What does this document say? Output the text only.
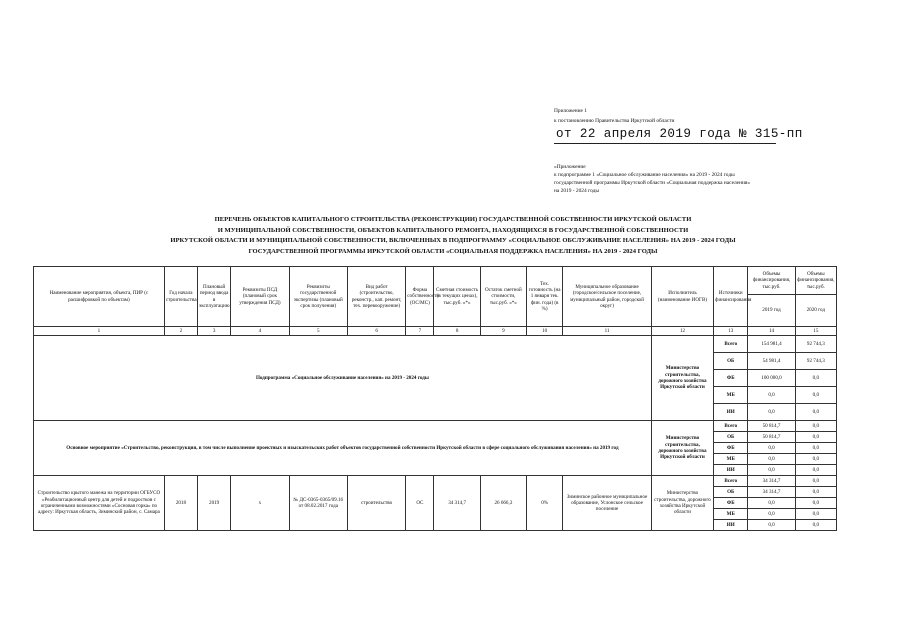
Приложение 1
к постановлению Правительства Иркутской области
от 22 апреля 2019 года № 315-пп
«Приложение
к подпрограмме 1 «Социальное обслуживание населения» на 2019 - 2024 годы
государственной программы Иркутской области «Социальная поддержка населения»
на 2019 - 2024 годы
ПЕРЕЧЕНЬ ОБЪЕКТОВ КАПИТАЛЬНОГО СТРОИТЕЛЬСТВА (РЕКОНСТРУКЦИИ) ГОСУДАРСТВЕННОЙ СОБСТВЕННОСТИ ИРКУТСКОЙ ОБЛАСТИ
И МУНИЦИПАЛЬНОЙ СОБСТВЕННОСТИ, ОБЪЕКТОВ КАПИТАЛЬНОГО РЕМОНТА, НАХОДЯЩИХСЯ В ГОСУДАРСТВЕННОЙ СОБСТВЕННОСТИ
ИРКУТСКОЙ ОБЛАСТИ И МУНИЦИПАЛЬНОЙ СОБСТВЕННОСТИ, ВКЛЮЧЕННЫХ В ПОДПРОГРАММУ «СОЦИАЛЬНОЕ ОБСЛУЖИВАНИЕ НАСЕЛЕНИЯ» НА 2019 - 2024 ГОДЫ
ГОСУДАРСТВЕННОЙ ПРОГРАММЫ ИРКУТСКОЙ ОБЛАСТИ «СОЦИАЛЬНАЯ ПОДДЕРЖКА НАСЕЛЕНИЯ» НА 2019 - 2024 ГОДЫ
Наименование мероприятия, объекта, ПИР (с расшифровкой по объектам)	Год начала строительства	Плановый период ввода в эксплуатацию	Реквизиты ПСД (плановый срок утверждения ПСД)	Реквизиты государственной экспертизы (плановый срок получения)	Вид работ (строительство, реконстр., кап. ремонт, тех. перевооружение)	Форма собственности (ОС/МС)	Сметная стоимость (в текущих ценах), тыс.руб. «*»	Остаток сметной стоимости, тыс.руб. «*»	Тех. готовность (на 1 января тек. фин. года) (в %)	Муниципальное образование (городское/сельское поселение, муниципальный район, городской округ)	Исполнитель (наименование ИОГВ)	Источники финансирования	Объемы финансирования, тыс.руб.	Объемы финансирования, тыс.руб.
													2019 год	2020 год
1	2	3	4	5	6	7	8	9	10	11	12	13	14	15
Подпрограмма «Социальное обслуживание населения» на 2019 - 2024 годы											Министерство строительства, дорожного хозяйства Иркутской области	Всего	154 981,4	92 744,3
												ОБ	54 981,4	92 744,3
												ФБ	100 000,0	0,0
												МБ	0,0	0,0
												ИИ	0,0	0,0
Основное мероприятие «Строительство, реконструкция, в том числе выполнение проектных и изыскательских работ объектов государственной собственности Иркутской области в сфере социального обслуживания населения» на 2019 год											Министерство строительства, дорожного хозяйства Иркутской области	Всего	50 814,7	0,0
												ОБ	50 814,7	0,0
												ФБ	0,0	0,0
												МБ	0,0	0,0
												ИИ	0,0	0,0
Строительство крытого манежа на территории ОГБУСО «Реабилитационный центр для детей и подростков с ограниченными возможностями «Сосновая горка» по адресу: Иркутская область, Зиминский район, с. Самара	2018	2019	х	№ ДС-0365-0365/09.16 от 08.02.2017 года	строительство	ОС	34 314,7	26 666,3	0%	Зиминское районное муниципальное образование, Услонское сельское поселение	Министерство строительства, дорожного хозяйства Иркутской области	Всего	34 314,7	0,0
												ОБ	34 314,7	0,0
												ФБ	0,0	0,0
												МБ	0,0	0,0
												ИИ	0,0	0,0
